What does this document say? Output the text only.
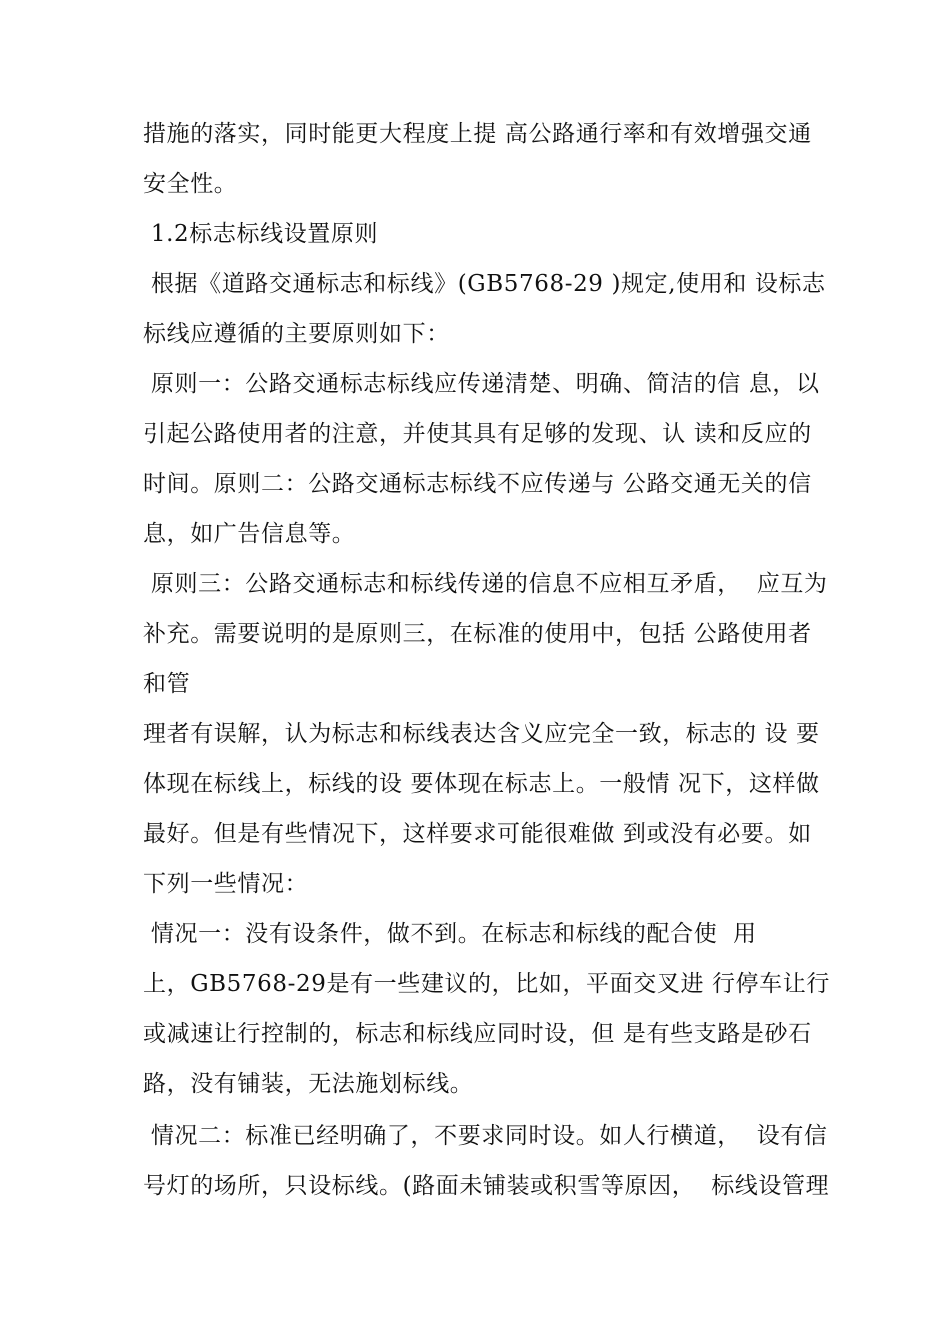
措施的落实，同时能更大程度上提 高公路通行率和有效增强交通
安全性。
1.2标志标线设置原则
根据《道路交通标志和标线》(GB5768-29 )规定,使用和 设标志
标线应遵循的主要原则如下：
原则一：公路交通标志标线应传递清楚、明确、简洁的信 息，以
引起公路使用者的注意，并使其具有足够的发现、认 读和反应的
时间。原则二：公路交通标志标线不应传递与 公路交通无关的信
息，如广告信息等。
原则三：公路交通标志和标线传递的信息不应相互矛盾，  应互为
补充。需要说明的是原则三，在标准的使用中，包括 公路使用者
和管
理者有误解，认为标志和标线表达含义应完全一致，标志的 设 要
体现在标线上，标线的设 要体现在标志上。一般情 况下，这样做
最好。但是有些情况下，这样要求可能很难做 到或没有必要。如
下列一些情况：
情况一：没有设条件，做不到。在标志和标线的配合使  用
上，GB5768-29是有一些建议的，比如，平面交叉进 行停车让行
或减速让行控制的，标志和标线应同时设，但 是有些支路是砂石
路，没有铺装，无法施划标线。
情况二：标准已经明确了，不要求同时设。如人行横道，  设有信
号灯的场所，只设标线。(路面未铺装或积雪等原因，  标线设管理
